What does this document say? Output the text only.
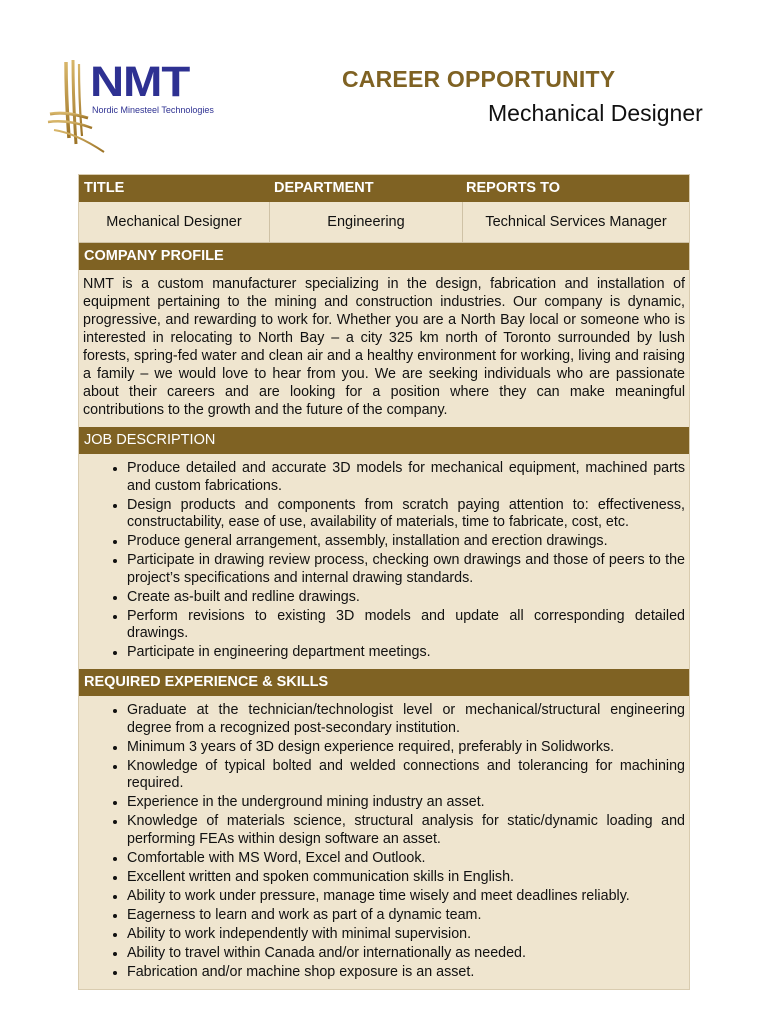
NMT
Nordic Minesteel Technologies
CAREER OPPORTUNITY
Mechanical Designer
TITLE	DEPARTMENT	REPORTS TO
Mechanical Designer	Engineering	Technical Services Manager
COMPANY PROFILE
NMT is a custom manufacturer specializing in the design, fabrication and installation of equipment pertaining to the mining and construction industries. Our company is dynamic, progressive, and rewarding to work for. Whether you are a North Bay local or someone who is interested in relocating to North Bay – a city 325 km north of Toronto surrounded by lush forests, spring-fed water and clean air and a healthy environment for working, living and raising a family – we would love to hear from you. We are seeking individuals who are passionate about their careers and are looking for a position where they can make meaningful contributions to the growth and the future of the company.
JOB DESCRIPTION
• Produce detailed and accurate 3D models for mechanical equipment, machined parts and custom fabrications.
• Design products and components from scratch paying attention to: effectiveness, constructability, ease of use, availability of materials, time to fabricate, cost, etc.
• Produce general arrangement, assembly, installation and erection drawings.
• Participate in drawing review process, checking own drawings and those of peers to the project’s specifications and internal drawing standards.
• Create as-built and redline drawings.
• Perform revisions to existing 3D models and update all corresponding detailed drawings.
• Participate in engineering department meetings.
REQUIRED EXPERIENCE & SKILLS
• Graduate at the technician/technologist level or mechanical/structural engineering degree from a recognized post-secondary institution.
• Minimum 3 years of 3D design experience required, preferably in Solidworks.
• Knowledge of typical bolted and welded connections and tolerancing for machining required.
• Experience in the underground mining industry an asset.
• Knowledge of materials science, structural analysis for static/dynamic loading and performing FEAs within design software an asset.
• Comfortable with MS Word, Excel and Outlook.
• Excellent written and spoken communication skills in English.
• Ability to work under pressure, manage time wisely and meet deadlines reliably.
• Eagerness to learn and work as part of a dynamic team.
• Ability to work independently with minimal supervision.
• Ability to travel within Canada and/or internationally as needed.
• Fabrication and/or machine shop exposure is an asset.
